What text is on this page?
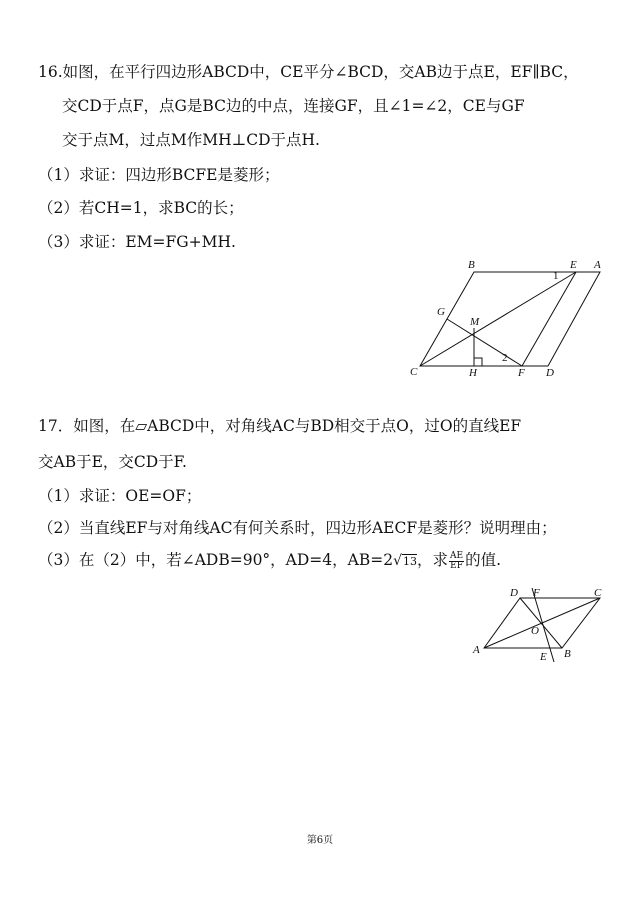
16.如图，在平行四边形ABCD中，CE平分∠BCD，交AB边于点E，EF∥BC，
交CD于点F，点G是BC边的中点，连接GF，且∠1=∠2，CE与GF
交于点M，过点M作MH⊥CD于点H.
（1）求证：四边形BCFE是菱形；
（2）若CH=1，求BC的长；
（3）求证：EM=FG+MH.
B	E A
1
G
M
2
C	H	F D
17．如图，在▱ABCD中，对角线AC与BD相交于点O，过O的直线EF
交AB于E，交CD于F.
（1）求证：OE=OF；
（2）当直线EF与对角线AC有何关系时，四边形AECF是菱形？说明理由；
（3）在（2）中，若∠ADB=90°，AD=4，AB=2√13，求 $\frac{AE}{EF}$ 的值.
D F	C
O
A
E B
第6页
